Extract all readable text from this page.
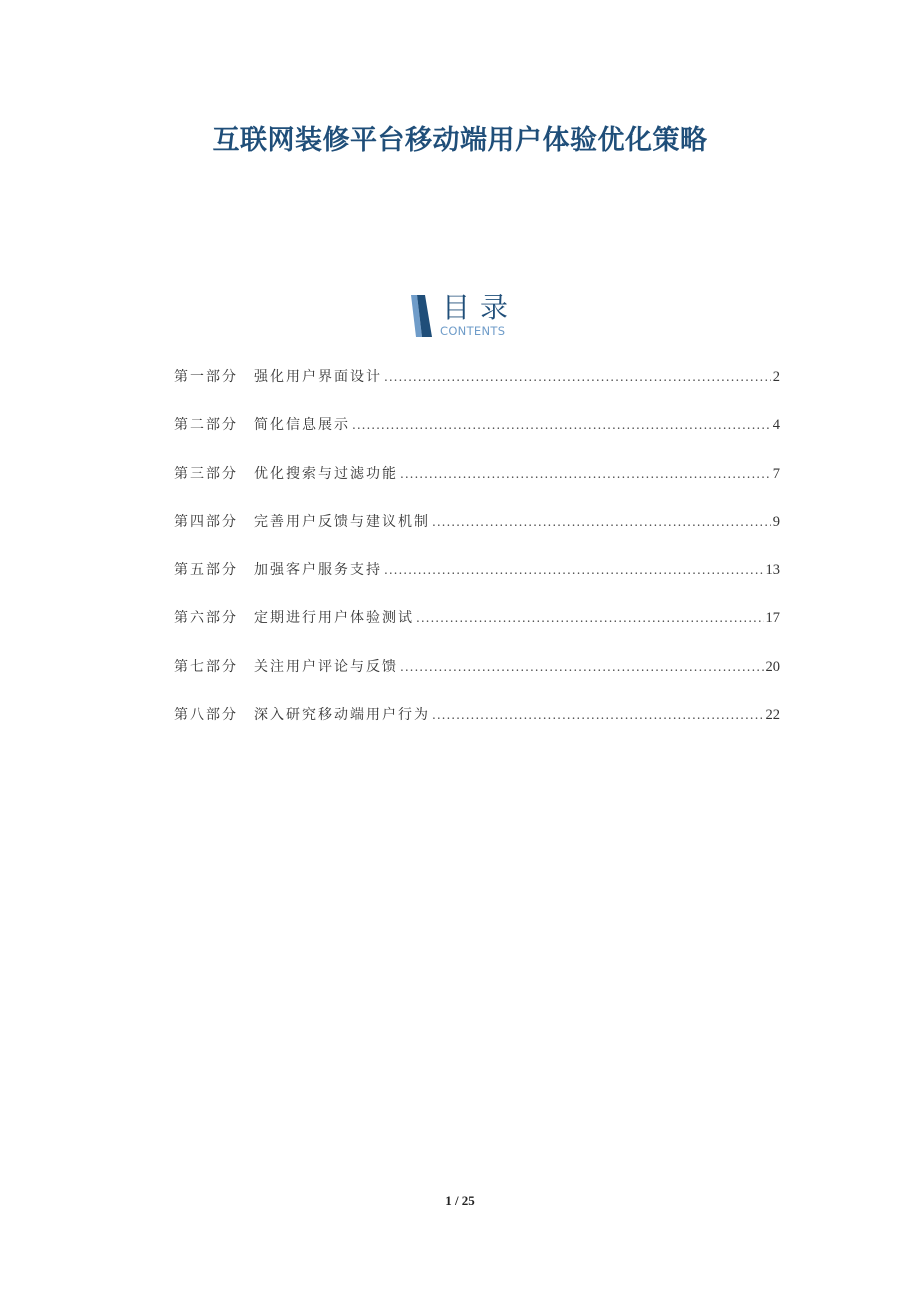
互联网装修平台移动端用户体验优化策略
目录
CONTENTS
第一部分	强化用户界面设计 .....	2
第二部分	简化信息展示 .....	4
第三部分	优化搜索与过滤功能 .....	7
第四部分	完善用户反馈与建议机制 .....	9
第五部分	加强客户服务支持 .....	13
第六部分	定期进行用户体验测试 .....	17
第七部分	关注用户评论与反馈 .....	20
第八部分	深入研究移动端用户行为 .....	22
1 / 25
